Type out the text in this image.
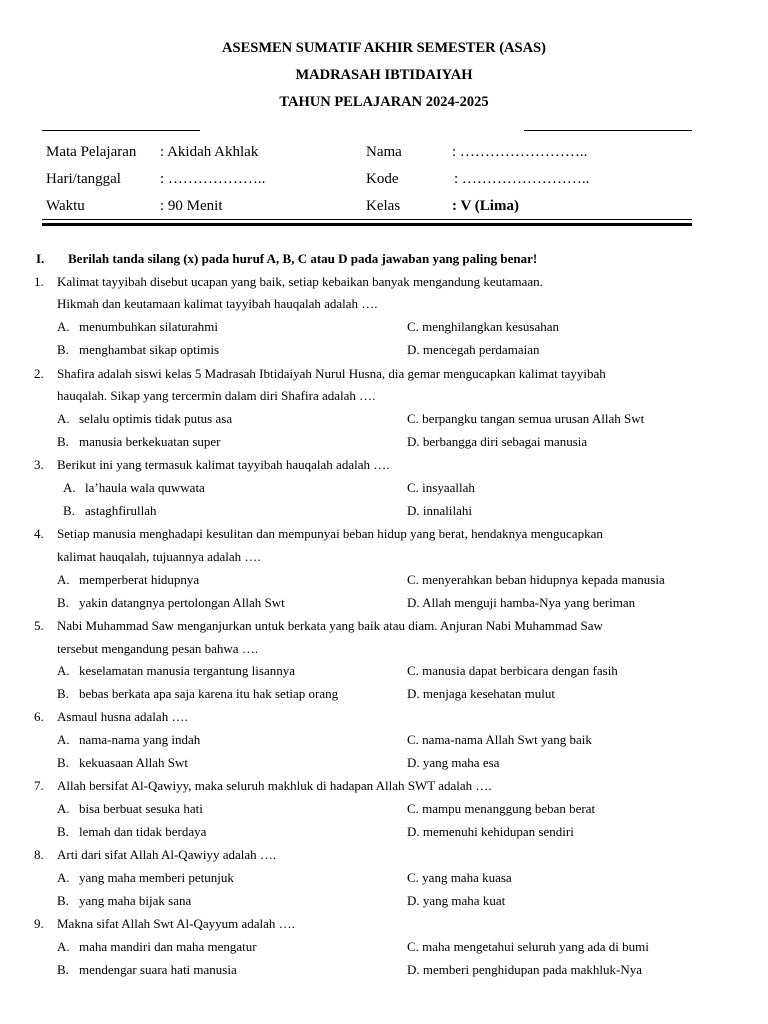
ASESMEN SUMATIF AKHIR SEMESTER (ASAS)
MADRASAH IBTIDAIYAH
TAHUN PELAJARAN 2024-2025
Mata Pelajaran : Akidah Akhlak	Nama	: ……………………..
Hari/tanggal	: ………………..	Kode	: ……………………..
Waktu	: 90 Menit	Kelas	: V (Lima)
I. Berilah tanda silang (x) pada huruf A, B, C atau D pada jawaban yang paling benar!
1. Kalimat tayyibah disebut ucapan yang baik, setiap kebaikan banyak mengandung keutamaan.
Hikmah dan keutamaan kalimat tayyibah hauqalah adalah ….
A. menumbuhkan silaturahmi	C. menghilangkan kesusahan
B. menghambat sikap optimis	D. mencegah perdamaian
2. Shafira adalah siswi kelas 5 Madrasah Ibtidaiyah Nurul Husna, dia gemar mengucapkan kalimat tayyibah
hauqalah. Sikap yang tercermin dalam diri Shafira adalah ….
A. selalu optimis tidak putus asa	C. berpangku tangan semua urusan Allah Swt
B. manusia berkekuatan super	D. berbangga diri sebagai manusia
3. Berikut ini yang termasuk kalimat tayyibah hauqalah adalah ….
A. la’haula wala quwwata	C. insyaallah
B. astaghfirullah	D. innalilahi
4. Setiap manusia menghadapi kesulitan dan mempunyai beban hidup yang berat, hendaknya mengucapkan
kalimat hauqalah, tujuannya adalah ….
A. memperberat hidupnya	C. menyerahkan beban hidupnya kepada manusia
B. yakin datangnya pertolongan Allah Swt	D. Allah menguji hamba-Nya yang beriman
5. Nabi Muhammad Saw menganjurkan untuk berkata yang baik atau diam. Anjuran Nabi Muhammad Saw
tersebut mengandung pesan bahwa ….
A. keselamatan manusia tergantung lisannya	C. manusia dapat berbicara dengan fasih
B. bebas berkata apa saja karena itu hak setiap orang	D. menjaga kesehatan mulut
6. Asmaul husna adalah ….
A. nama-nama yang indah	C. nama-nama Allah Swt yang baik
B. kekuasaan Allah Swt	D. yang maha esa
7. Allah bersifat Al-Qawiyy, maka seluruh makhluk di hadapan Allah SWT adalah ….
A. bisa berbuat sesuka hati	C. mampu menanggung beban berat
B. lemah dan tidak berdaya	D. memenuhi kehidupan sendiri
8. Arti dari sifat Allah Al-Qawiyy adalah ….
A. yang maha memberi petunjuk	C. yang maha kuasa
B. yang maha bijak sana	D. yang maha kuat
9. Makna sifat Allah Swt Al-Qayyum adalah ….
A. maha mandiri dan maha mengatur	C. maha mengetahui seluruh yang ada di bumi
B. mendengar suara hati manusia	D. memberi penghidupan pada makhluk-Nya
